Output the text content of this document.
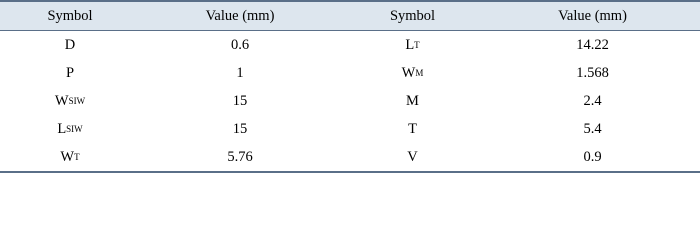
Symbol	Value (mm)	Symbol	Value (mm)
D	0.6	L T	14.22
P	1	W M	1.568
W SIW	15	M	2.4
L SIW	15	T	5.4
W T	5.76	V	0.9
